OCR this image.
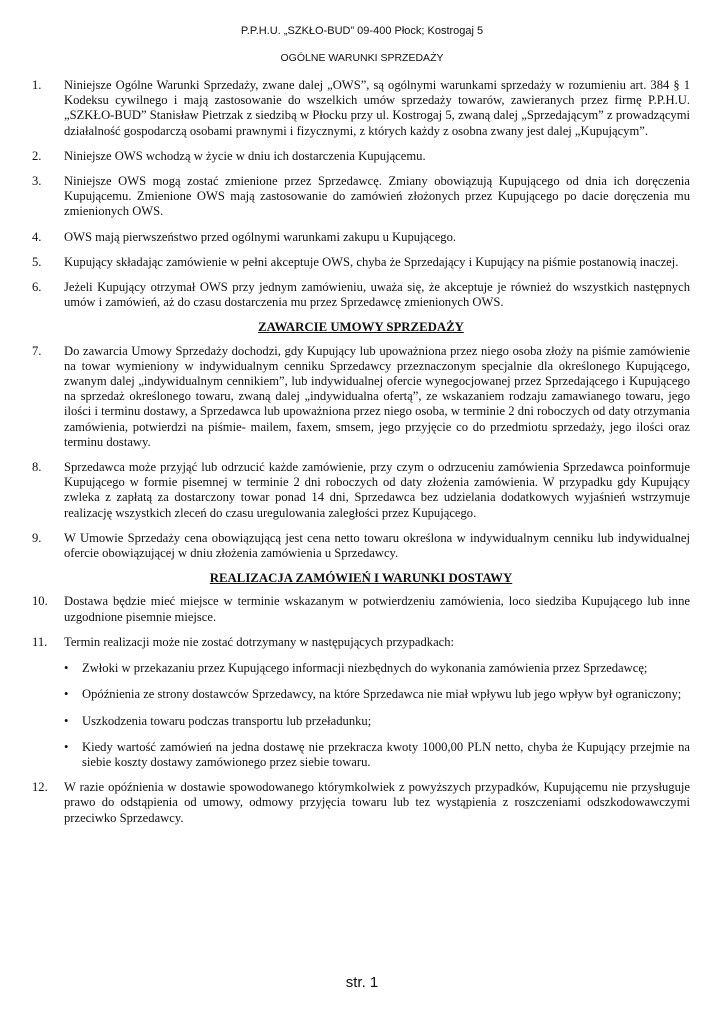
P.P.H.U. „SZKŁO-BUD” 09-400 Płock; Kostrogaj 5
OGÓLNE WARUNKI SPRZEDAŻY
1.	Niniejsze Ogólne Warunki Sprzedaży, zwane dalej „OWS”, są ogólnymi warunkami sprzedaży w rozumieniu art. 384 § 1 Kodeksu cywilnego i mają zastosowanie do wszelkich umów sprzedaży towarów, zawieranych przez firmę P.P.H.U. „SZKŁO-BUD” Stanisław Pietrzak z siedzibą w Płocku przy ul. Kostrogaj 5, zwaną dalej „Sprzedającym” z prowadzącymi działalność gospodarczą osobami prawnymi i fizycznymi, z których każdy z osobna zwany jest dalej „Kupującym”.
2.	Niniejsze OWS wchodzą w życie w dniu ich dostarczenia Kupującemu.
3.	Niniejsze OWS mogą zostać zmienione przez Sprzedawcę. Zmiany obowiązują Kupującego od dnia ich doręczenia Kupującemu. Zmienione OWS mają zastosowanie do zamówień złożonych przez Kupującego po dacie doręczenia mu zmienionych OWS.
4.	OWS mają pierwszeństwo przed ogólnymi warunkami zakupu u Kupującego.
5.	Kupujący składając zamówienie w pełni akceptuje OWS, chyba że Sprzedający i Kupujący na piśmie postanowią inaczej.
6.	Jeżeli Kupujący otrzymał OWS przy jednym zamówieniu, uważa się, że akceptuje je również do wszystkich następnych umów i zamówień, aż do czasu dostarczenia mu przez Sprzedawcę zmienionych OWS.
ZAWARCIE UMOWY SPRZEDAŻY
7.	Do zawarcia Umowy Sprzedaży dochodzi, gdy Kupujący lub upoważniona przez niego osoba złoży na piśmie zamówienie na towar wymieniony w indywidualnym cenniku Sprzedawcy przeznaczonym specjalnie dla określonego Kupującego, zwanym dalej „indywidualnym cennikiem”, lub indywidualnej ofercie wynegocjowanej przez Sprzedającego i Kupującego na sprzedaż określonego towaru, zwaną dalej „indywidualna ofertą”, ze wskazaniem rodzaju zamawianego towaru, jego ilości i terminu dostawy, a Sprzedawca lub upoważniona przez niego osoba, w terminie 2 dni roboczych od daty otrzymania zamówienia, potwierdzi na piśmie- mailem, faxem, smsem, jego przyjęcie co do przedmiotu sprzedaży, jego ilości oraz terminu dostawy.
8.	Sprzedawca może przyjąć lub odrzucić każde zamówienie, przy czym o odrzuceniu zamówienia Sprzedawca poinformuje Kupującego w formie pisemnej w terminie 2 dni roboczych od daty złożenia zamówienia. W przypadku gdy Kupujący zwleka z zapłatą za dostarczony towar ponad 14 dni, Sprzedawca bez udzielania dodatkowych wyjaśnień wstrzymuje realizację wszystkich zleceń do czasu uregulowania zaległości przez Kupującego.
9.	W Umowie Sprzedaży cena obowiązującą jest cena netto towaru określona w indywidualnym cenniku lub indywidualnej ofercie obowiązującej w dniu złożenia zamówienia u Sprzedawcy.
REALIZACJA ZAMÓWIEŃ I WARUNKI DOSTAWY
10.	Dostawa będzie mieć miejsce w terminie wskazanym w potwierdzeniu zamówienia, loco siedziba Kupującego lub inne uzgodnione pisemnie miejsce.
11.	Termin realizacji może nie zostać dotrzymany w następujących przypadkach:
•	Zwłoki w przekazaniu przez Kupującego informacji niezbędnych do wykonania zamówienia przez Sprzedawcę;
•	Opóźnienia ze strony dostawców Sprzedawcy, na które Sprzedawca nie miał wpływu lub jego wpływ był ograniczony;
•	Uszkodzenia towaru podczas transportu lub przeładunku;
•	Kiedy wartość zamówień na jedna dostawę nie przekracza kwoty 1000,00 PLN netto, chyba że Kupujący przejmie na siebie koszty dostawy zamówionego przez siebie towaru.
12.	W razie opóźnienia w dostawie spowodowanego którymkolwiek z powyższych przypadków, Kupującemu nie przysługuje prawo do odstąpienia od umowy, odmowy przyjęcia towaru lub tez wystąpienia z roszczeniami odszkodowawczymi przeciwko Sprzedawcy.
str. 1
